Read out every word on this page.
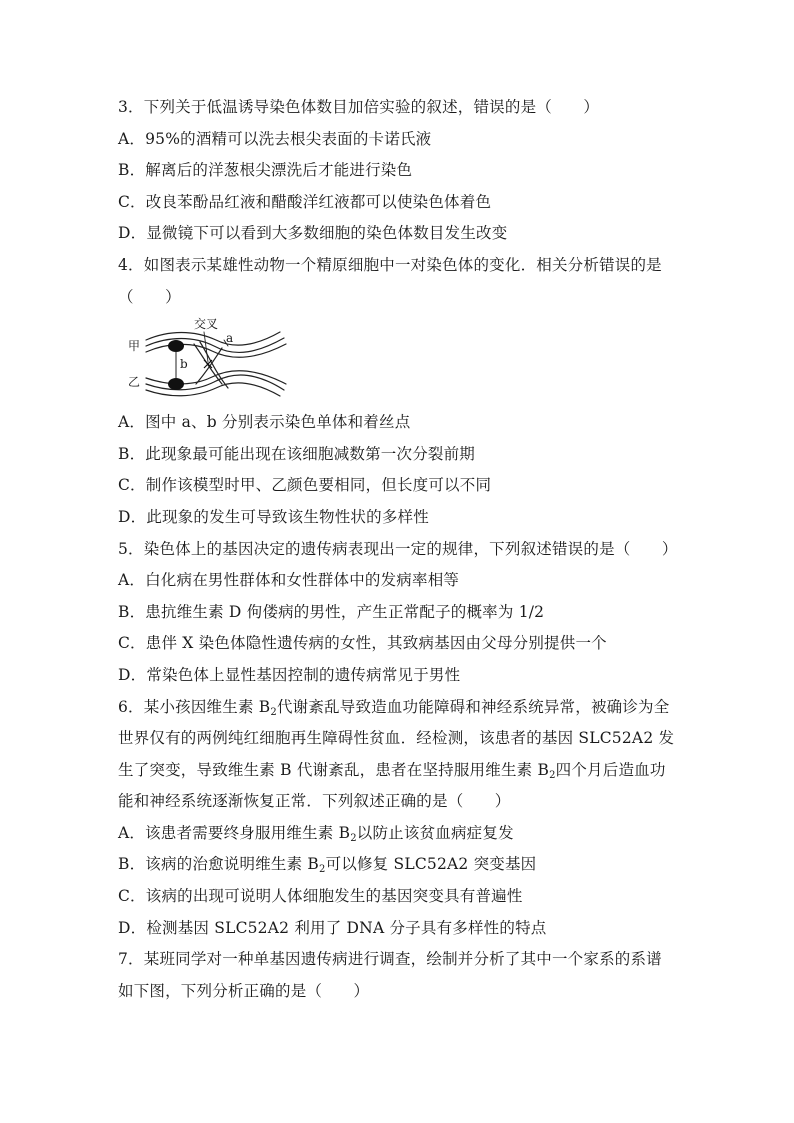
3．下列关于低温诱导染色体数目加倍实验的叙述，错误的是（　　）
A．95%的酒精可以洗去根尖表面的卡诺氏液
B．解离后的洋葱根尖漂洗后才能进行染色
C．改良苯酚品红液和醋酸洋红液都可以使染色体着色
D．显微镜下可以看到大多数细胞的染色体数目发生改变
4．如图表示某雄性动物一个精原细胞中一对染色体的变化．相关分析错误的是
（　　）
交叉
a
b
甲
乙
A．图中 a、b 分别表示染色单体和着丝点
B．此现象最可能出现在该细胞减数第一次分裂前期
C．制作该模型时甲、乙颜色要相同，但长度可以不同
D．此现象的发生可导致该生物性状的多样性
5．染色体上的基因决定的遗传病表现出一定的规律，下列叙述错误的是（　　）
A．白化病在男性群体和女性群体中的发病率相等
B．患抗维生素 D 佝偻病的男性，产生正常配子的概率为 1/2
C．患伴 X 染色体隐性遗传病的女性，其致病基因由父母分别提供一个
D．常染色体上显性基因控制的遗传病常见于男性
6．某小孩因维生素 $B_2$代谢紊乱导致造血功能障碍和神经系统异常，被确诊为全
世界仅有的两例纯红细胞再生障碍性贫血．经检测，该患者的基因 SLC52A2 发
生了突变，导致维生素 B 代谢紊乱，患者在坚持服用维生素 $B_2$四个月后造血功
能和神经系统逐渐恢复正常．下列叙述正确的是（　　）
A．该患者需要终身服用维生素 $B_2$以防止该贫血病症复发
B．该病的治愈说明维生素 $B_2$可以修复 SLC52A2 突变基因
C．该病的出现可说明人体细胞发生的基因突变具有普遍性
D．检测基因 SLC52A2 利用了 DNA 分子具有多样性的特点
7．某班同学对一种单基因遗传病进行调查，绘制并分析了其中一个家系的系谱
如下图，下列分析正确的是（　　）
